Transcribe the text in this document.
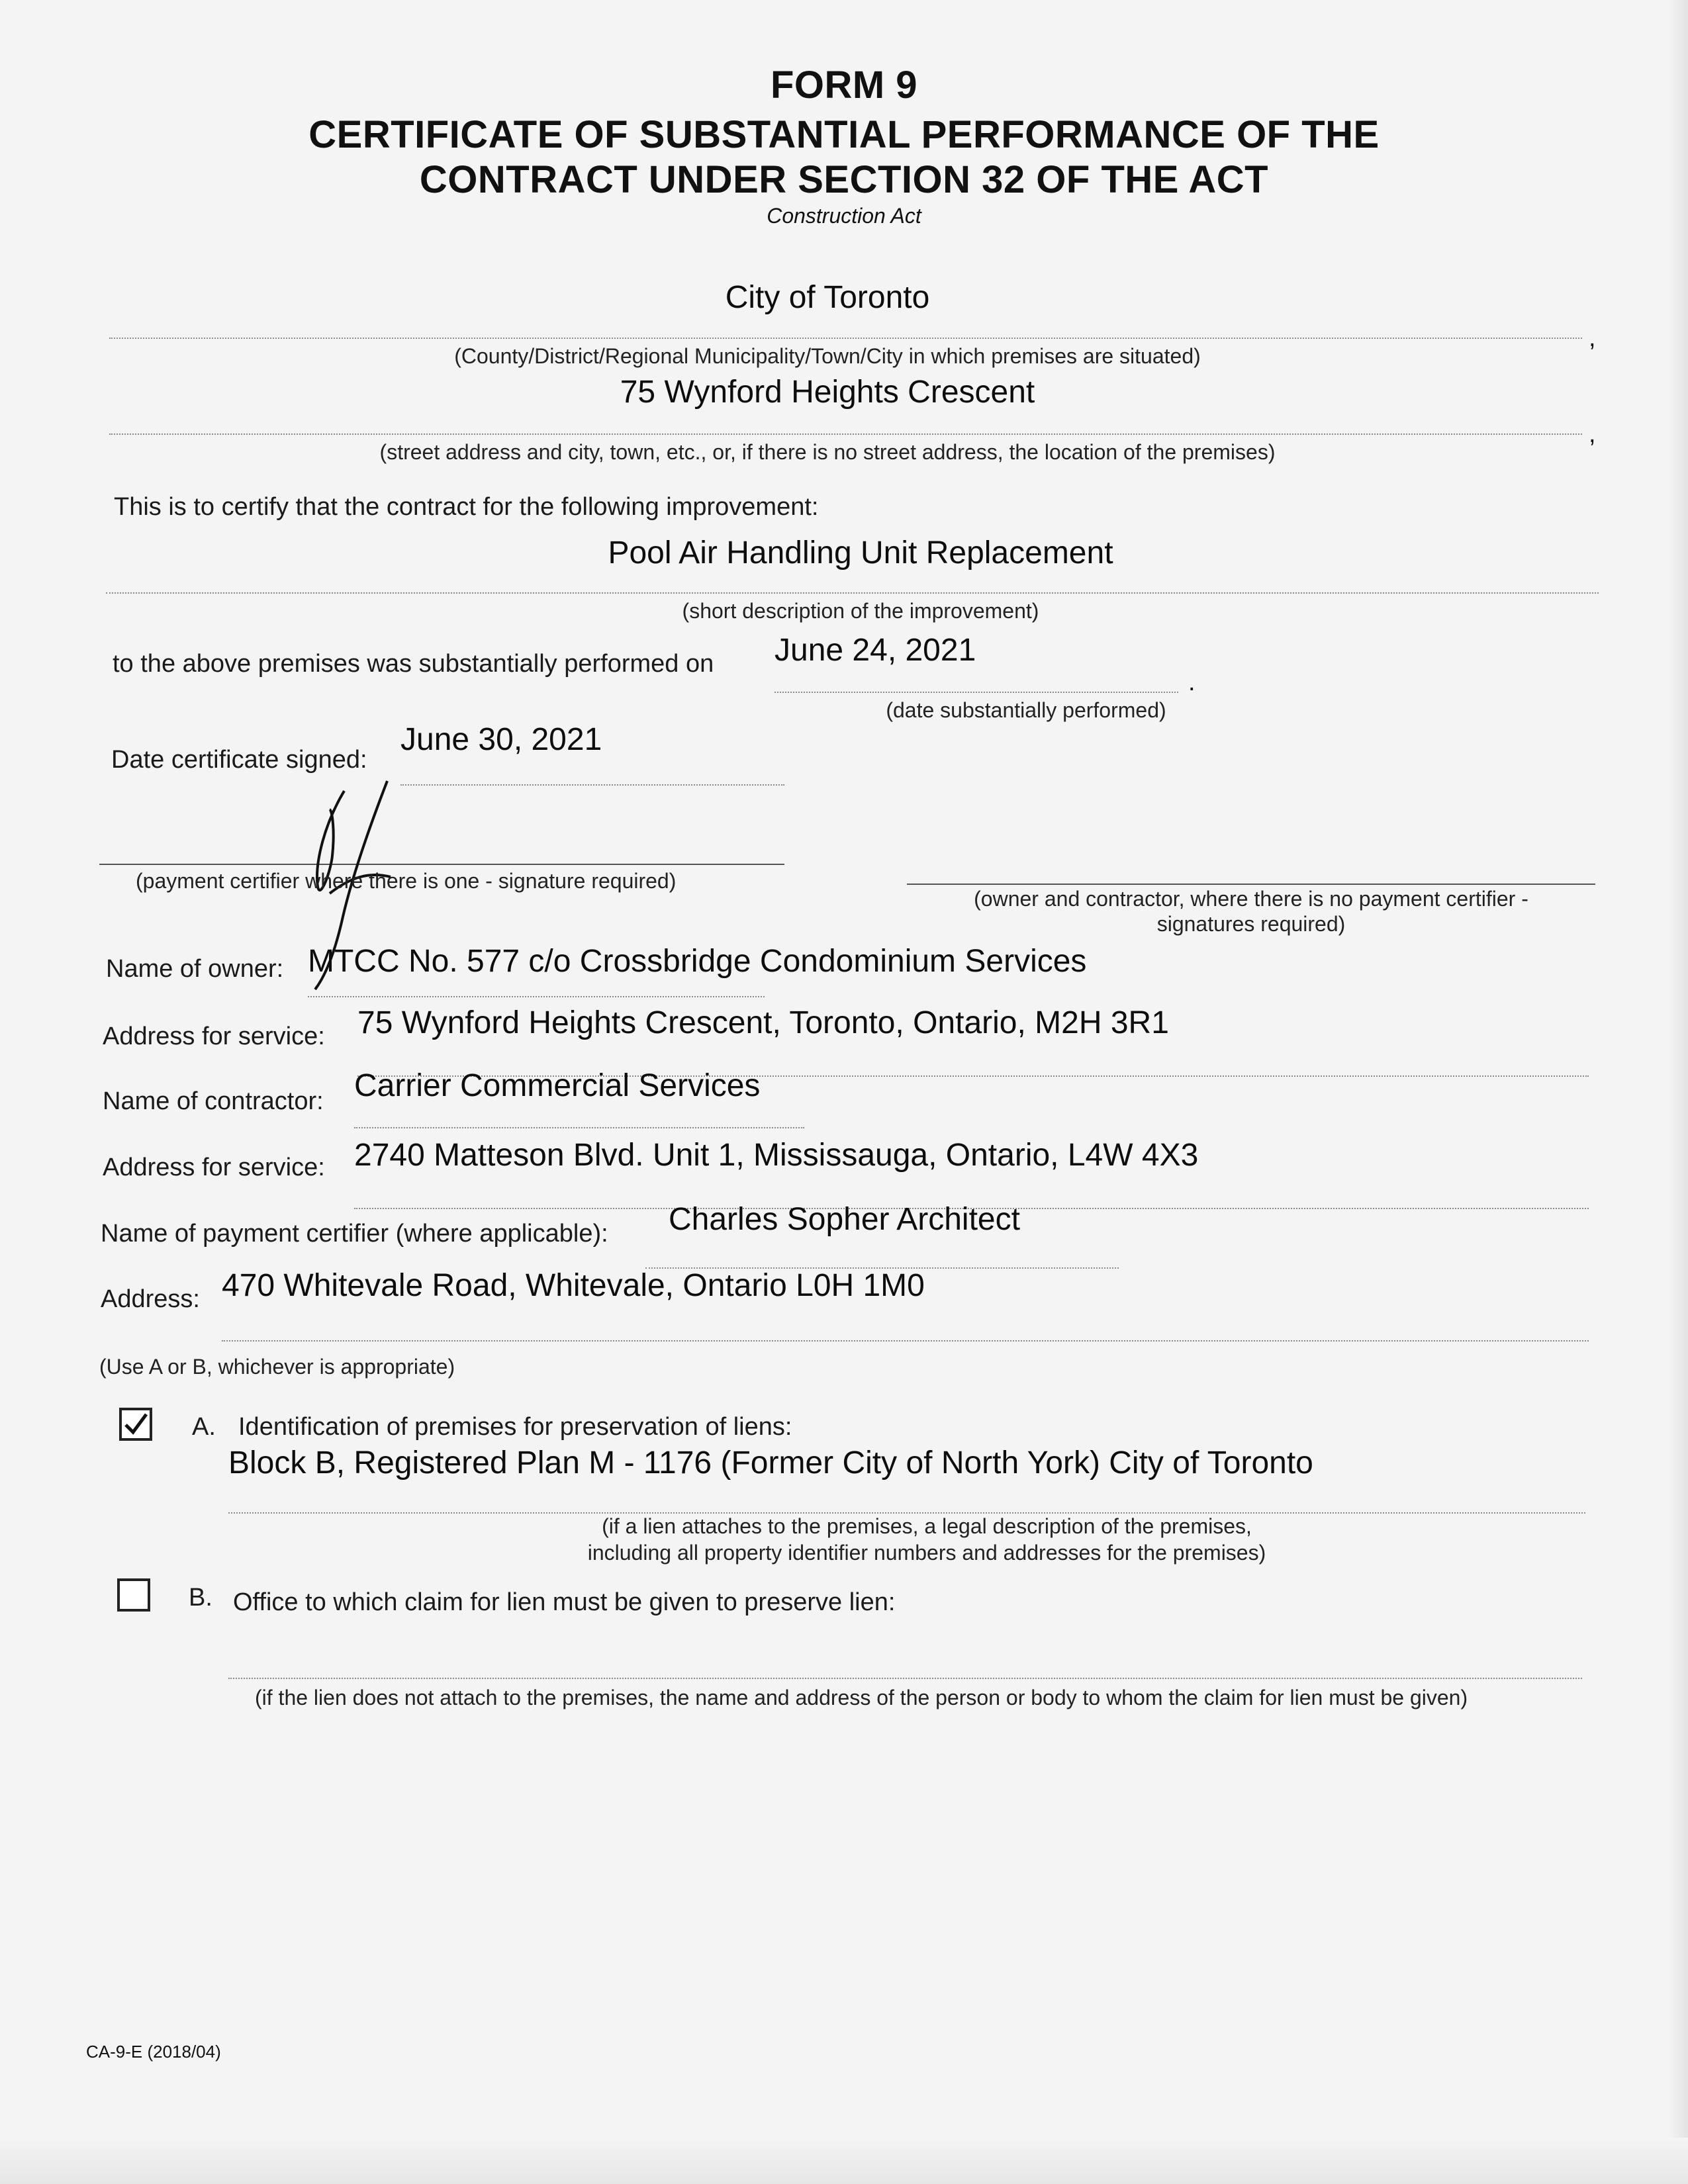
FORM 9
CERTIFICATE OF SUBSTANTIAL PERFORMANCE OF THE
CONTRACT UNDER SECTION 32 OF THE ACT
Construction Act
City of Toronto
,
(County/District/Regional Municipality/Town/City in which premises are situated)
75 Wynford Heights Crescent
,
(street address and city, town, etc., or, if there is no street address, the location of the premises)
This is to certify that the contract for the following improvement:
Pool Air Handling Unit Replacement
(short description of the improvement)
to the above premises was substantially performed on June 24, 2021
.
(date substantially performed)
Date certificate signed:
June 30, 2021
(payment certifier where there is one - signature required)
(owner and contractor, where there is no payment certifier -
signatures required)
Name of owner: MTCC No. 577 c/o Crossbridge Condominium Services
Address for service: 75 Wynford Heights Crescent, Toronto, Ontario, M2H 3R1
Name of contractor: Carrier Commercial Services
Address for service: 2740 Matteson Blvd. Unit 1, Mississauga, Ontario, L4W 4X3
Name of payment certifier (where applicable): Charles Sopher Architect
Address: 470 Whitevale Road, Whitevale, Ontario L0H 1M0
(Use A or B, whichever is appropriate)
A. Identification of premises for preservation of liens:
Block B, Registered Plan M - 1176 (Former City of North York) City of Toronto
(if a lien attaches to the premises, a legal description of the premises,
including all property identifier numbers and addresses for the premises)
B. Office to which claim for lien must be given to preserve lien:
(if the lien does not attach to the premises, the name and address of the person or body to whom the claim for lien must be given)
CA-9-E (2018/04)
